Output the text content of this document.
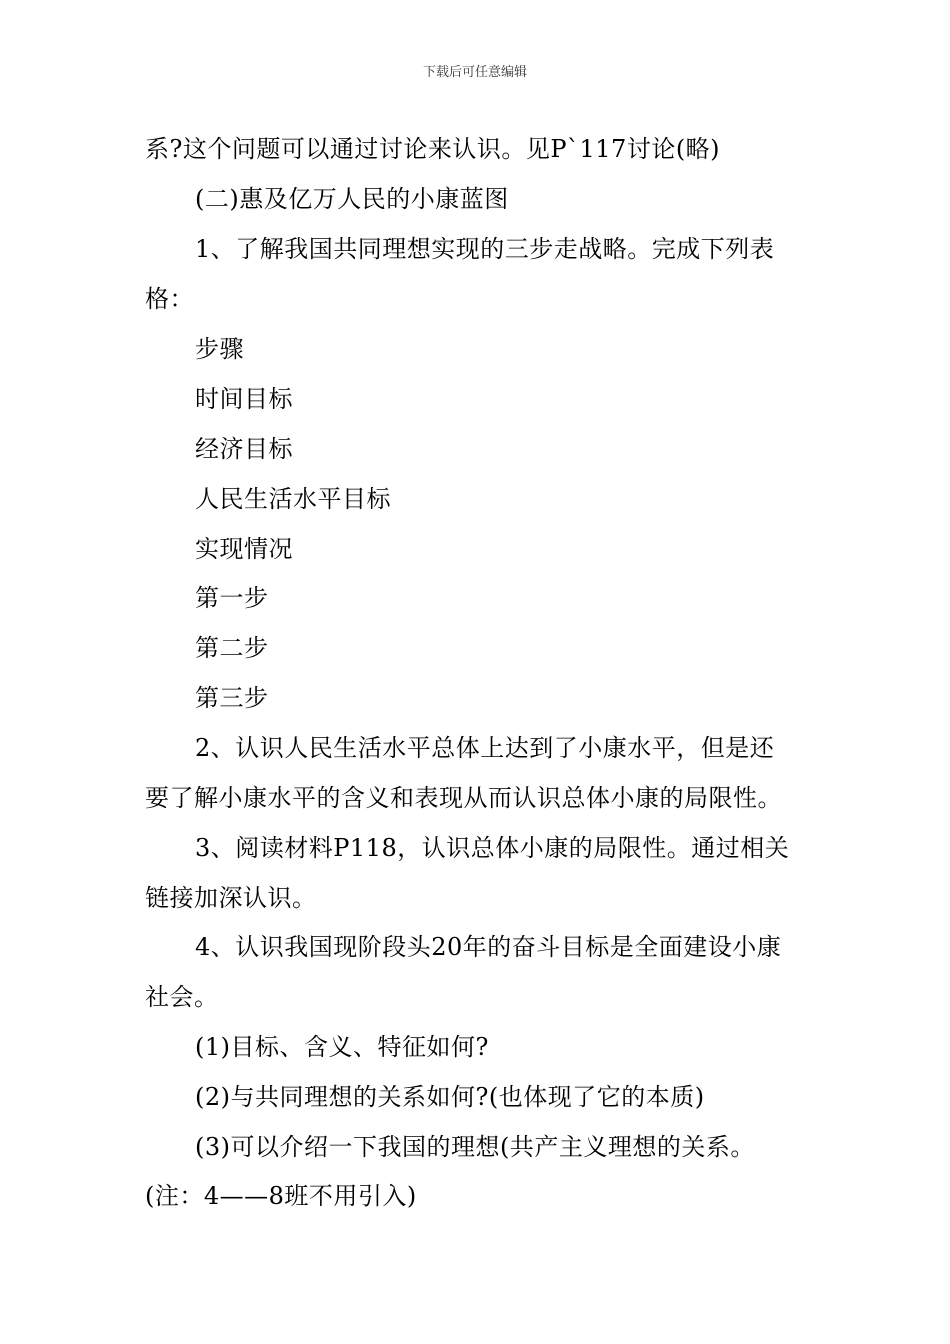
下载后可任意编辑
系?这个问题可以通过讨论来认识。见P`117讨论(略)
(二)惠及亿万人民的小康蓝图
1、了解我国共同理想实现的三步走战略。完成下列表
格：
步骤
时间目标
经济目标
人民生活水平目标
实现情况
第一步
第二步
第三步
2、认识人民生活水平总体上达到了小康水平，但是还
要了解小康水平的含义和表现从而认识总体小康的局限性。
3、阅读材料P118，认识总体小康的局限性。通过相关
链接加深认识。
4、认识我国现阶段头20年的奋斗目标是全面建设小康
社会。
(1)目标、含义、特征如何?
(2)与共同理想的关系如何?(也体现了它的本质)
(3)可以介绍一下我国的理想(共产主义理想的关系。
(注：4——8班不用引入)
